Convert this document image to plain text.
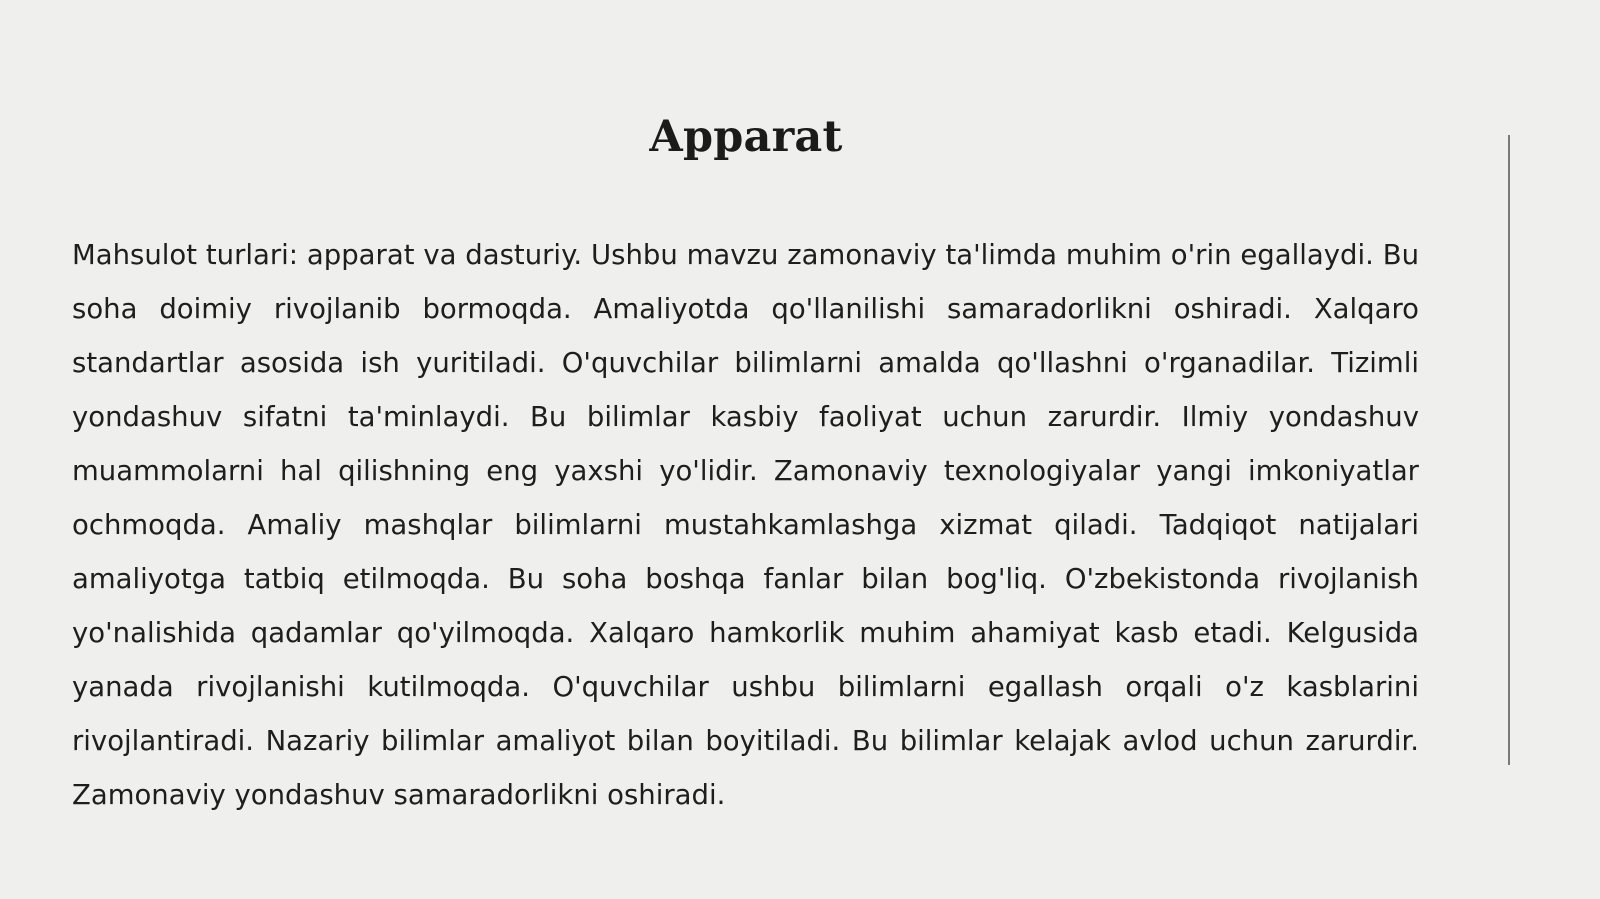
Apparat

Mahsulot turlari: apparat va dasturiy. Ushbu mavzu zamonaviy ta'limda muhim o'rin egallaydi. Bu soha doimiy rivojlanib bormoqda. Amaliyotda qo'llanilishi samaradorlikni oshiradi. Xalqaro standartlar asosida ish yuritiladi. O'quvchilar bilimlarni amalda qo'llashni o'rganadilar. Tizimli yondashuv sifatni ta'minlaydi. Bu bilimlar kasbiy faoliyat uchun zarurdir. Ilmiy yondashuv muammolarni hal qilishning eng yaxshi yo'lidir. Zamonaviy texnologiyalar yangi imkoniyatlar ochmoqda. Amaliy mashqlar bilimlarni mustahkamlashga xizmat qiladi. Tadqiqot natijalari amaliyotga tatbiq etilmoqda. Bu soha boshqa fanlar bilan bog'liq. O'zbekistonda rivojlanish yo'nalishida qadamlar qo'yilmoqda. Xalqaro hamkorlik muhim ahamiyat kasb etadi. Kelgusida yanada rivojlanishi kutilmoqda. O'quvchilar ushbu bilimlarni egallash orqali o'z kasblarini rivojlantiradi. Nazariy bilimlar amaliyot bilan boyitiladi. Bu bilimlar kelajak avlod uchun zarurdir. Zamonaviy yondashuv samaradorlikni oshiradi.
